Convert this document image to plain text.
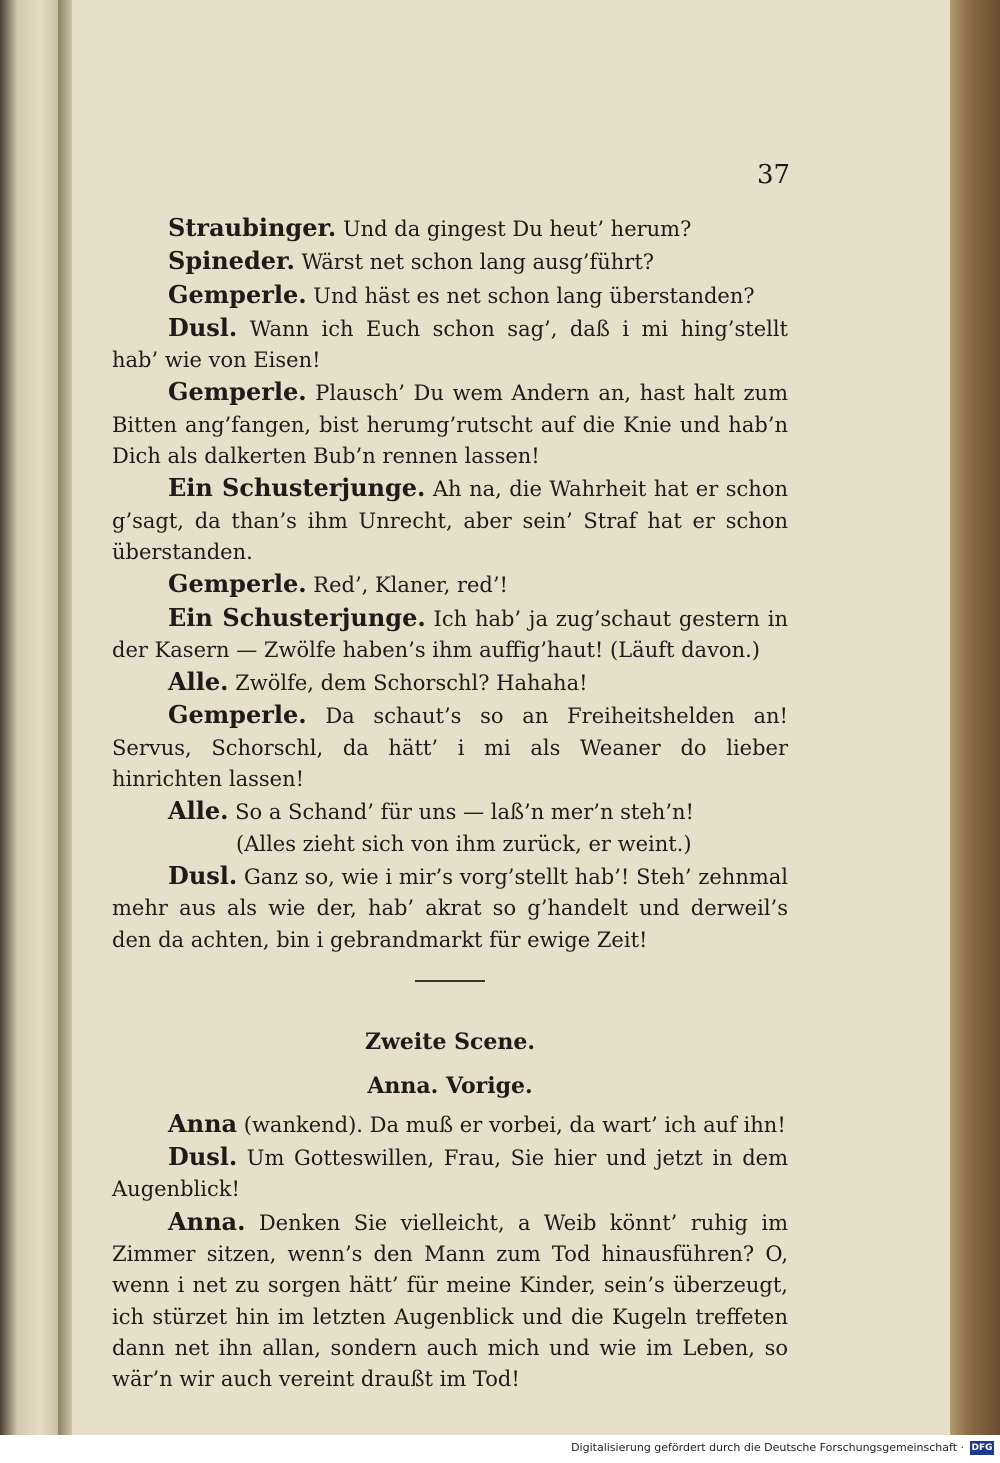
37

Straubinger. Und da gingest Du heut’ herum?

Spineder. Wärst net schon lang ausg’führt?

Gemperle. Und häst es net schon lang überstanden?

Dusl. Wann ich Euch schon sag’, daß i mi hing’stellt hab’ wie von Eisen!

Gemperle. Plausch’ Du wem Andern an, hast halt zum Bitten ang’fangen, bist herumg’rutscht auf die Knie und hab’n Dich als dalkerten Bub’n rennen lassen!

Ein Schusterjunge. Ah na, die Wahrheit hat er schon g’sagt, da than’s ihm Unrecht, aber sein’ Straf hat er schon überstanden.

Gemperle. Red’, Klaner, red’!

Ein Schusterjunge. Ich hab’ ja zug’schaut gestern in der Kasern — Zwölfe haben’s ihm auffig’haut! (Läuft davon.)

Alle. Zwölfe, dem Schorschl? Hahaha!

Gemperle. Da schaut’s so an Freiheitshelden an! Servus, Schorschl, da hätt’ i mi als Weaner do lieber hinrichten lassen!

Alle. So a Schand’ für uns — laß’n mer’n steh’n!

(Alles zieht sich von ihm zurück, er weint.)

Dusl. Ganz so, wie i mir’s vorg’stellt hab’! Steh’ zehnmal mehr aus als wie der, hab’ akrat so g’handelt und derweil’s den da achten, bin i gebrandmarkt für ewige Zeit!

Zweite Scene.

Anna. Vorige.

Anna (wankend). Da muß er vorbei, da wart’ ich auf ihn!

Dusl. Um Gotteswillen, Frau, Sie hier und jetzt in dem Augenblick!

Anna. Denken Sie vielleicht, a Weib könnt’ ruhig im Zimmer sitzen, wenn’s den Mann zum Tod hinausführen? O, wenn i net zu sorgen hätt’ für meine Kinder, sein’s überzeugt, ich stürzet hin im letzten Augenblick und die Kugeln treffeten dann net ihn allan, sondern auch mich und wie im Leben, so wär’n wir auch vereint draußt im Tod!

Digitalisierung gefördert durch die Deutsche Forschungsgemeinschaft · DFG
